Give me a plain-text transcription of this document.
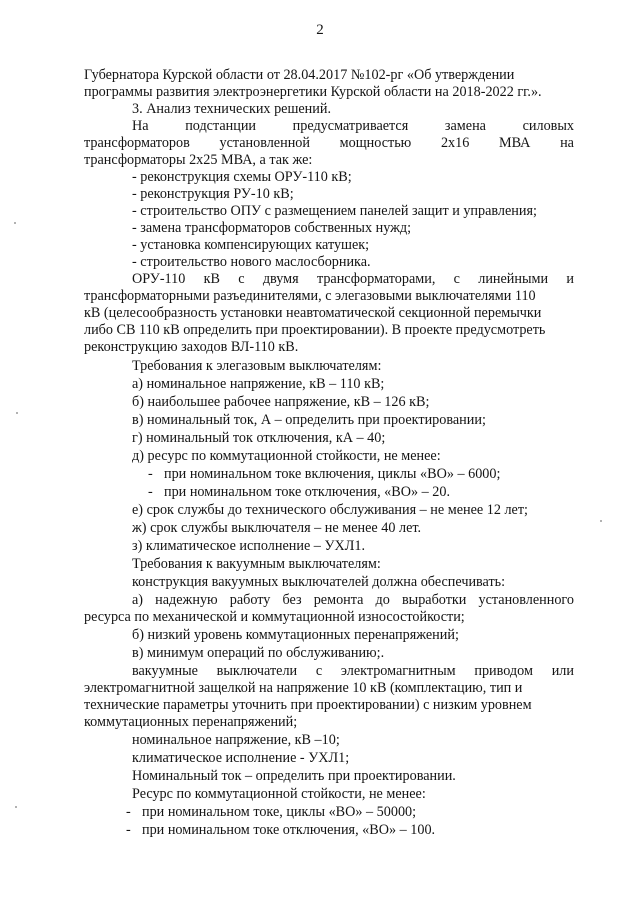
2
Губернатора Курской области от 28.04.2017 №102-рг «Об утверждении
программы развития электроэнергетики Курской области на 2018-2022 гг.».
3. Анализ технических решений.
На	подстанции	предусматривается	замена	силовых
трансформаторов установленной мощностью 2х16 МВА на
трансформаторы 2х25 МВА, а так же:
- реконструкция схемы ОРУ-110 кВ;
- реконструкция РУ-10 кВ;
- строительство ОПУ с размещением панелей защит и управления;
- замена трансформаторов собственных нужд;
- установка компенсирующих катушек;
- строительство нового маслосборника.
ОРУ-110 кВ с двумя трансформаторами, с линейными и
трансформаторными разъединителями, с элегазовыми выключателями 110
кВ (целесообразность установки неавтоматической секционной перемычки
либо СВ 110 кВ определить при проектировании). В проекте предусмотреть
реконструкцию заходов ВЛ-110 кВ.
Требования к элегазовым выключателям:
а) номинальное напряжение, кВ – 110 кВ;
б) наибольшее рабочее напряжение, кВ – 126 кВ;
в) номинальный ток, А – определить при проектировании;
г) номинальный ток отключения, кА – 40;
д) ресурс по коммутационной стойкости, не менее:
- при номинальном токе включения, циклы «ВО» – 6000;
- при номинальном токе отключения, «ВО» – 20.
е) срок службы до технического обслуживания – не менее 12 лет;
ж) срок службы выключателя – не менее 40 лет.
з) климатическое исполнение – УХЛ1.
Требования к вакуумным выключателям:
конструкция вакуумных выключателей должна обеспечивать:
а) надежную работу без ремонта до выработки установленного
ресурса по механической и коммутационной износостойкости;
б) низкий уровень коммутационных перенапряжений;
в) минимум операций по обслуживанию;.
вакуумные выключатели с электромагнитным приводом или
электромагнитной защелкой на напряжение 10 кВ (комплектацию, тип и
технические параметры уточнить при проектировании) с низким уровнем
коммутационных перенапряжений;
номинальное напряжение, кВ –10;
климатическое исполнение - УХЛ1;
Номинальный ток – определить при проектировании.
Ресурс по коммутационной стойкости, не менее:
- при номинальном токе, циклы «ВО» – 50000;
- при номинальном токе отключения, «ВО» – 100.
